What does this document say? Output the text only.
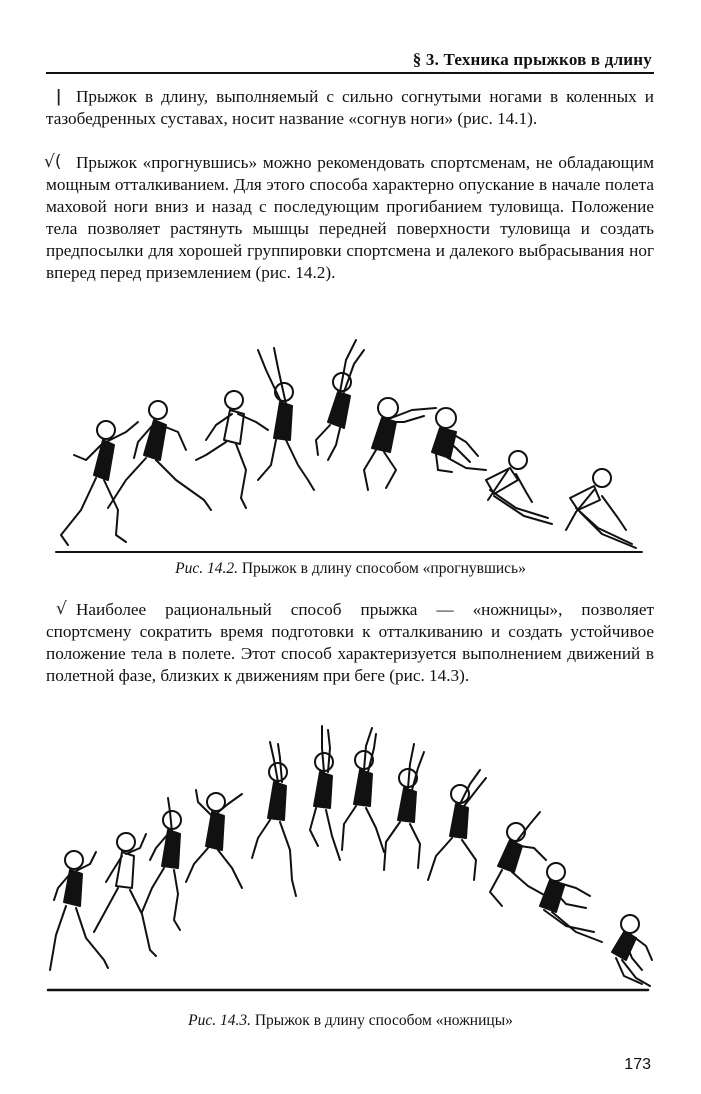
§ 3. Техника прыжков в длину
ǀ Прыжок в длину, выполняемый с сильно согнутыми ногами в коленных и тазобедренных суставах, носит название «согнув ноги» (рис. 14.1).

√( Прыжок «прогнувшись» можно рекомендовать спортсменам, не обладающим мощным отталкиванием. Для этого способа характерно опускание в начале полета маховой ноги вниз и назад с последующим прогибанием туловища. Положение тела позволяет растянуть мышцы передней поверхности туловища и создать предпосылки для хорошей группировки спортсмена и далекого выбрасывания ног вперед перед приземлением (рис. 14.2).

Рис. 14.2. Прыжок в длину способом «прогнувшись»
√ Наиболее рациональный способ прыжка — «ножницы», позволяет спортсмену сократить время подготовки к отталкиванию и создать устойчивое положение тела в полете. Этот способ характеризуется выполнением движений в полетной фазе, близких к движениям при беге (рис. 14.3).

Рис. 14.3. Прыжок в длину способом «ножницы»
173
